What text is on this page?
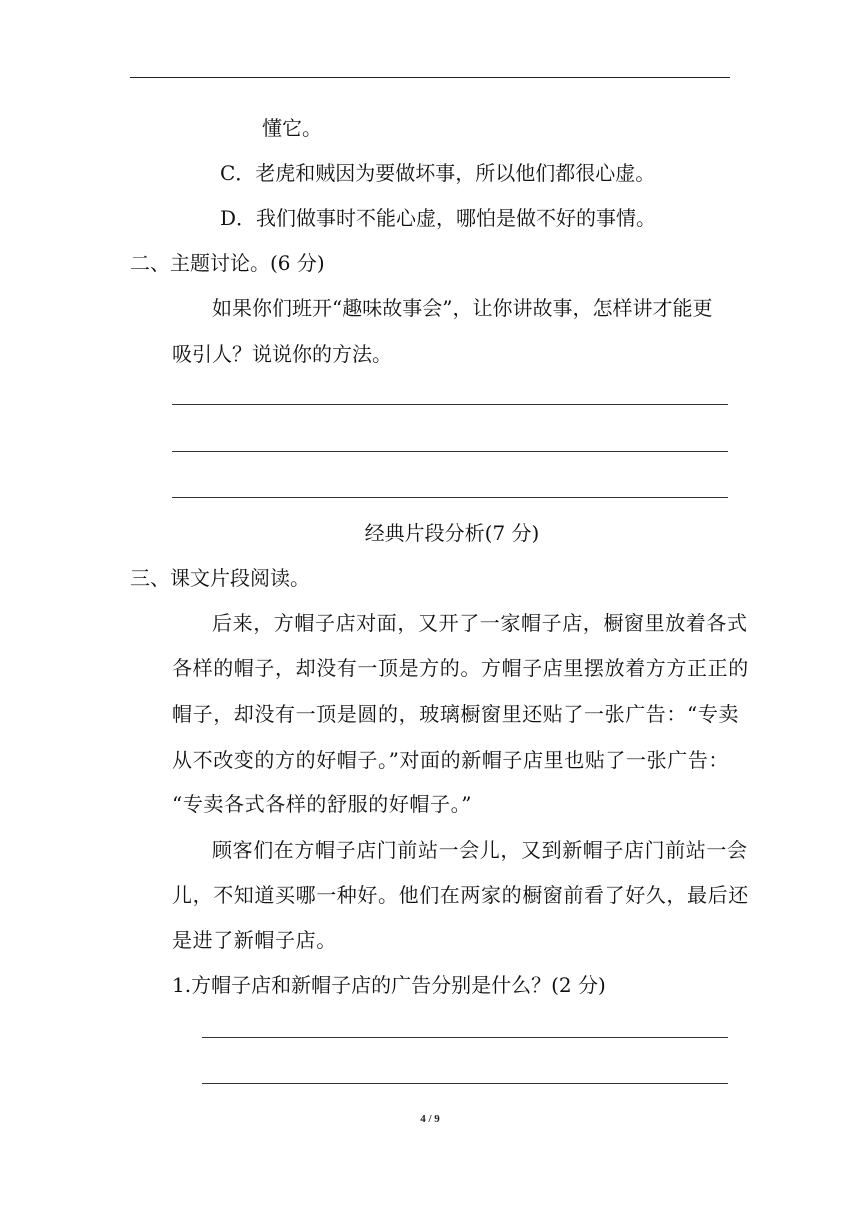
懂它。
C．老虎和贼因为要做坏事，所以他们都很心虚。
D．我们做事时不能心虚，哪怕是做不好的事情。
二、主题讨论。(6 分)
如果你们班开“趣味故事会”，让你讲故事，怎样讲才能更
吸引人？说说你的方法。
经典片段分析(7 分)
三、课文片段阅读。
后来，方帽子店对面，又开了一家帽子店，橱窗里放着各式
各样的帽子，却没有一顶是方的。方帽子店里摆放着方方正正的
帽子，却没有一顶是圆的，玻璃橱窗里还贴了一张广告：“专卖
从不改变的方的好帽子。”对面的新帽子店里也贴了一张广告：
“专卖各式各样的舒服的好帽子。”
顾客们在方帽子店门前站一会儿，又到新帽子店门前站一会
儿，不知道买哪一种好。他们在两家的橱窗前看了好久，最后还
是进了新帽子店。
1.方帽子店和新帽子店的广告分别是什么？(2 分)
4 / 9
